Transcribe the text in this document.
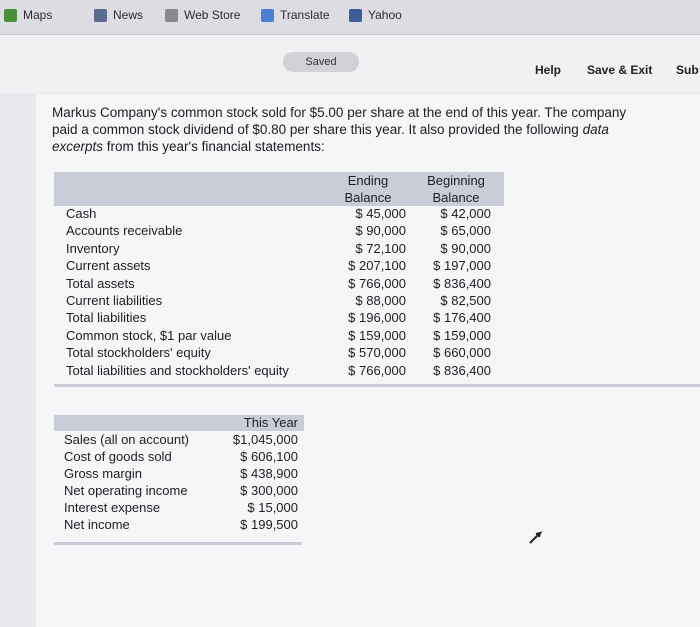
Maps	News	Web Store	Translate	Yahoo
Saved
Help Save & Exit Sub
Markus Company's common stock sold for $5.00 per share at the end of this year. The company paid a common stock dividend of $0.80 per share this year. It also provided the following data excerpts from this year's financial statements:
Ending
Balance
Beginning
Balance
Cash	$ 45,000	$ 42,000
Accounts receivable	$ 90,000	$ 65,000
Inventory	$ 72,100	$ 90,000
Current assets	$ 207,100	$ 197,000
Total assets	$ 766,000	$ 836,400
Current liabilities	$ 88,000	$ 82,500
Total liabilities	$ 196,000	$ 176,400
Common stock, $1 par value	$ 159,000	$ 159,000
Total stockholders' equity	$ 570,000	$ 660,000
Total liabilities and stockholders' equity	$ 766,000	$ 836,400
This Year
Sales (all on account)	$1,045,000
Cost of goods sold	$ 606,100
Gross margin	$ 438,900
Net operating income	$ 300,000
Interest expense	$ 15,000
Net income	$ 199,500
